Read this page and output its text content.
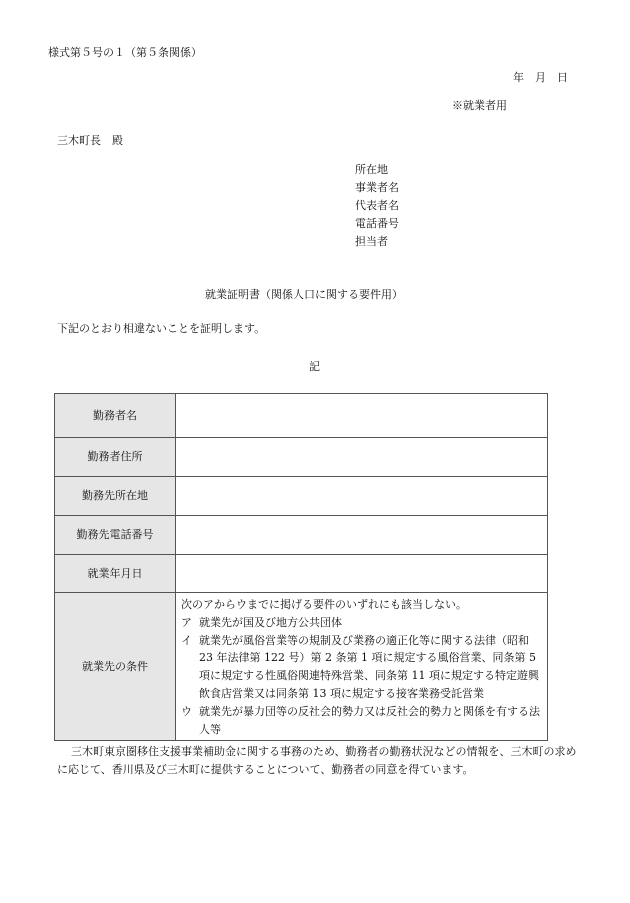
様式第５号の１（第５条関係）
年　月　日
※就業者用
三木町長　殿
所在地
事業者名
代表者名
電話番号
担当者
就業証明書（関係人口に関する要件用）
下記のとおり相違ないことを証明します。
記
勤務者名	
勤務者住所	
勤務先所在地	
勤務先電話番号	
就業年月日	
就業先の条件	次のアからウまでに掲げる要件のいずれにも該当しない。
ア 就業先が国及び地方公共団体
イ 就業先が風俗営業等の規制及び業務の適正化等に関する法律（昭和 23 年法律第 122 号）第 2 条第 1 項に規定する風俗営業、同条第 5 項に規定する性風俗関連特殊営業、同条第 11 項に規定する特定遊興飲食店営業又は同条第 13 項に規定する接客業務受託営業
ウ 就業先が暴力団等の反社会的勢力又は反社会的勢力と関係を有する法人等
三木町東京圏移住支援事業補助金に関する事務のため、勤務者の勤務状況などの情報を、三木町の求めに応じて、香川県及び三木町に提供することについて、勤務者の同意を得ています。
